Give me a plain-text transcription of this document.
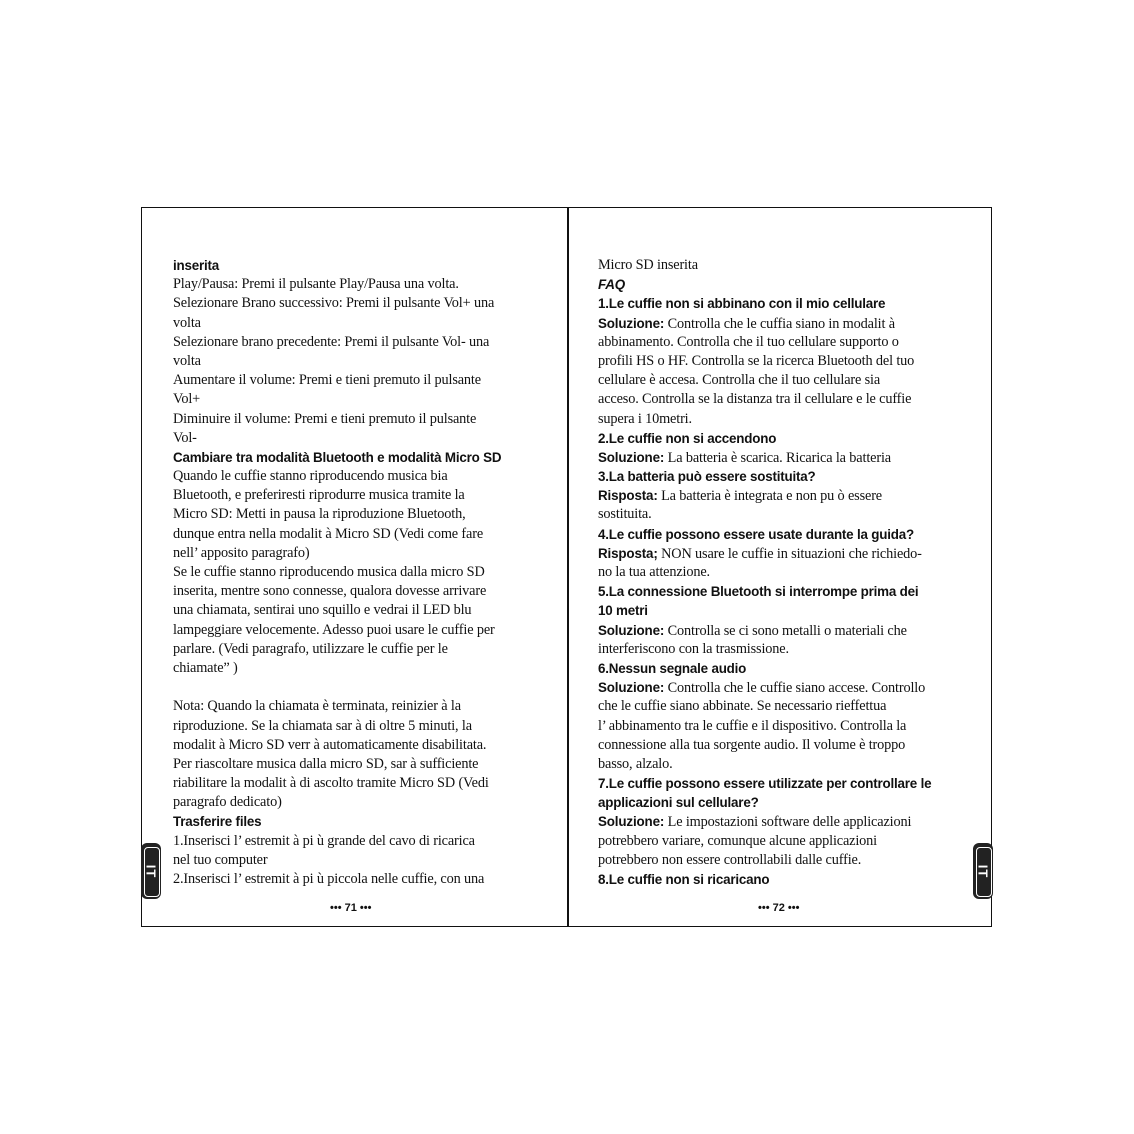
inserita
Play/Pausa: Premi il pulsante Play/Pausa una volta.
Selezionare Brano successivo: Premi il pulsante Vol+ una
volta
Selezionare brano precedente: Premi il pulsante Vol- una
volta
Aumentare il volume: Premi e tieni premuto il pulsante
Vol+
Diminuire il volume: Premi e tieni premuto il pulsante
Vol-
Cambiare tra modalità Bluetooth e modalità Micro SD
Quando le cuffie stanno riproducendo musica bia
Bluetooth, e preferiresti riprodurre musica tramite la
Micro SD: Metti in pausa la riproduzione Bluetooth,
dunque entra nella modalit à Micro SD (Vedi come fare
nell’ apposito paragrafo)
Se le cuffie stanno riproducendo musica dalla micro SD
inserita, mentre sono connesse, qualora dovesse arrivare
una chiamata, sentirai uno squillo e vedrai il LED blu
lampeggiare velocemente. Adesso puoi usare le cuffie per
parlare. (Vedi paragrafo, utilizzare le cuffie per le
chiamate” )
Nota: Quando la chiamata è terminata, reinizier à la
riproduzione. Se la chiamata sar à di oltre 5 minuti, la
modalit à Micro SD verr à automaticamente disabilitata.
Per riascoltare musica dalla micro SD, sar à sufficiente
riabilitare la modalit à di ascolto tramite Micro SD (Vedi
paragrafo dedicato)
Trasferire files
1.Inserisci l’ estremit à pi ù grande del cavo di ricarica
nel tuo computer
2.Inserisci l’ estremit à pi ù piccola nelle cuffie, con una
Micro SD inserita
FAQ
1.Le cuffie non si abbinano con il mio cellulare
Soluzione: Controlla che le cuffia siano in modalit à
abbinamento. Controlla che il tuo cellulare supporto o
profili HS o HF. Controlla se la ricerca Bluetooth del tuo
cellulare è accesa. Controlla che il tuo cellulare sia
acceso. Controlla se la distanza tra il cellulare e le cuffie
supera i 10metri.
2.Le cuffie non si accendono
Soluzione: La batteria è scarica. Ricarica la batteria
3.La batteria può essere sostituita?
Risposta: La batteria è integrata e non pu ò essere
sostituita.
4.Le cuffie possono essere usate durante la guida?
Risposta; NON usare le cuffie in situazioni che richiedo-
no la tua attenzione.
5.La connessione Bluetooth si interrompe prima dei
10 metri
Soluzione: Controlla se ci sono metalli o materiali che
interferiscono con la trasmissione.
6.Nessun segnale audio
Soluzione: Controlla che le cuffie siano accese. Controllo
che le cuffie siano abbinate. Se necessario rieffettua
l’ abbinamento tra le cuffie e il dispositivo. Controlla la
connessione alla tua sorgente audio. Il volume è troppo
basso, alzalo.
7.Le cuffie possono essere utilizzate per controllare le
applicazioni sul cellulare?
Soluzione: Le impostazioni software delle applicazioni
potrebbero variare, comunque alcune applicazioni
potrebbero non essere controllabili dalle cuffie.
8.Le cuffie non si ricaricano
••• 71 •••	••• 72 •••
IT	IT
